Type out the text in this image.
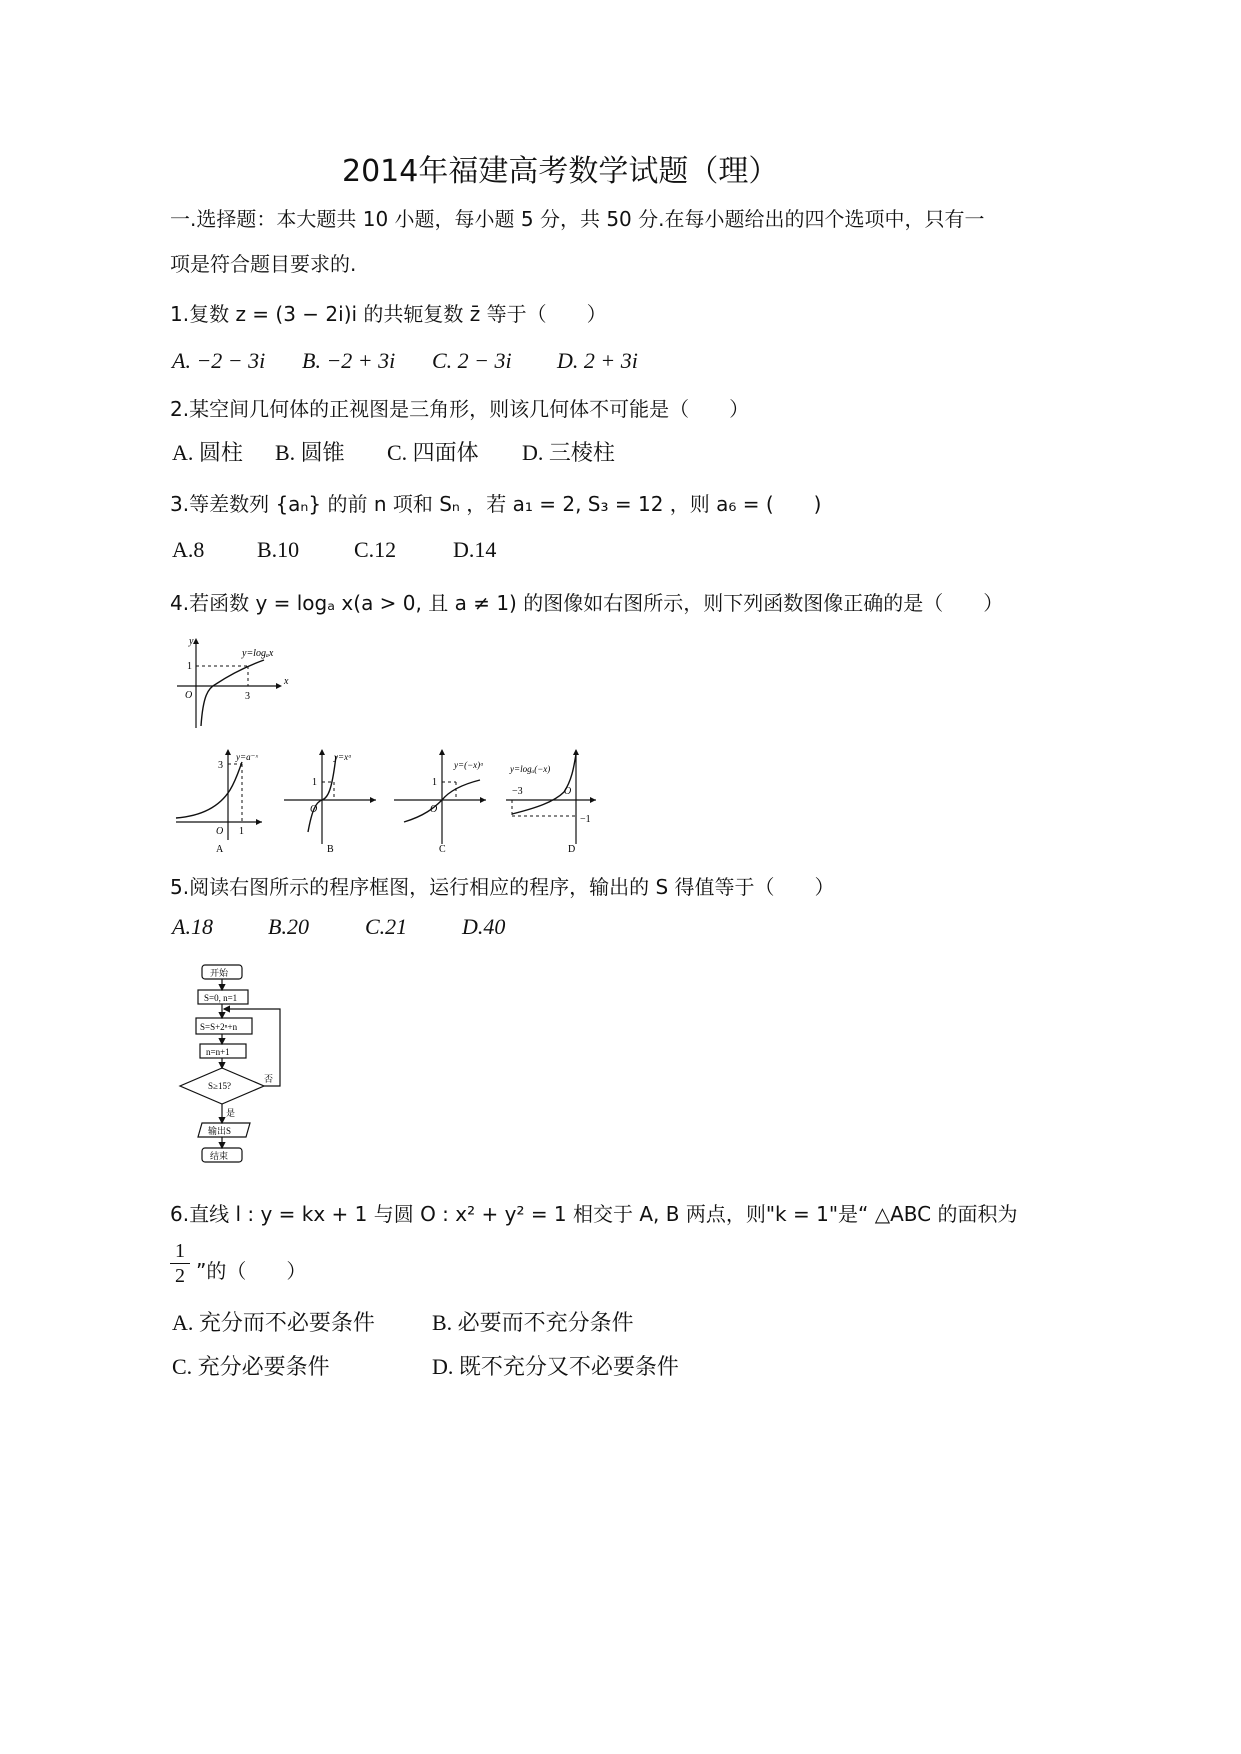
2014年福建高考数学试题（理）
一.选择题：本大题共 10 小题，每小题 5 分，共 50 分.在每小题给出的四个选项中，只有一
项是符合题目要求的.
1.复数 z = (3 − 2i)i 的共轭复数 z̄ 等于（　　）
A. −2 − 3i B. −2 + 3i C. 2 − 3i D. 2 + 3i
2.某空间几何体的正视图是三角形，则该几何体不可能是（　　）
A. 圆柱 B. 圆锥 C. 四面体 D. 三棱柱
3.等差数列 {aₙ} 的前 n 项和 Sₙ ，若 a₁ = 2, S₃ = 12 ，则 a₆ = (　　)
A.8 B.10 C.12	D.14
4.若函数 y = logₐ x(a > 0, 且 a ≠ 1) 的图像如右图所示，则下列函数图像正确的是（　　）
y=logₐx
y
x
O
1
3
y=a⁻ˣ
3
1
O
A
y=xᵃ
1
O
B
y=(−x)ᵃ
1
O
C
y=logₐ(−x)
−3
−1
O
D
5.阅读右图所示的程序框图，运行相应的程序，输出的 S 得值等于（　　）
A.18	B.20	C.21 D.40
开始
S=0, n=1
S=S+2ⁿ+n
n=n+1
S≥15?
否
是
输出S
结束
6.直线 l : y = kx + 1 与圆 O : x² + y² = 1 相交于 A, B 两点，则"k = 1"是“ △ABC 的面积为
1
2 ”的（　　）
A. 充分而不必要条件	B. 必要而不充分条件
C. 充分必要条件	D. 既不充分又不必要条件
